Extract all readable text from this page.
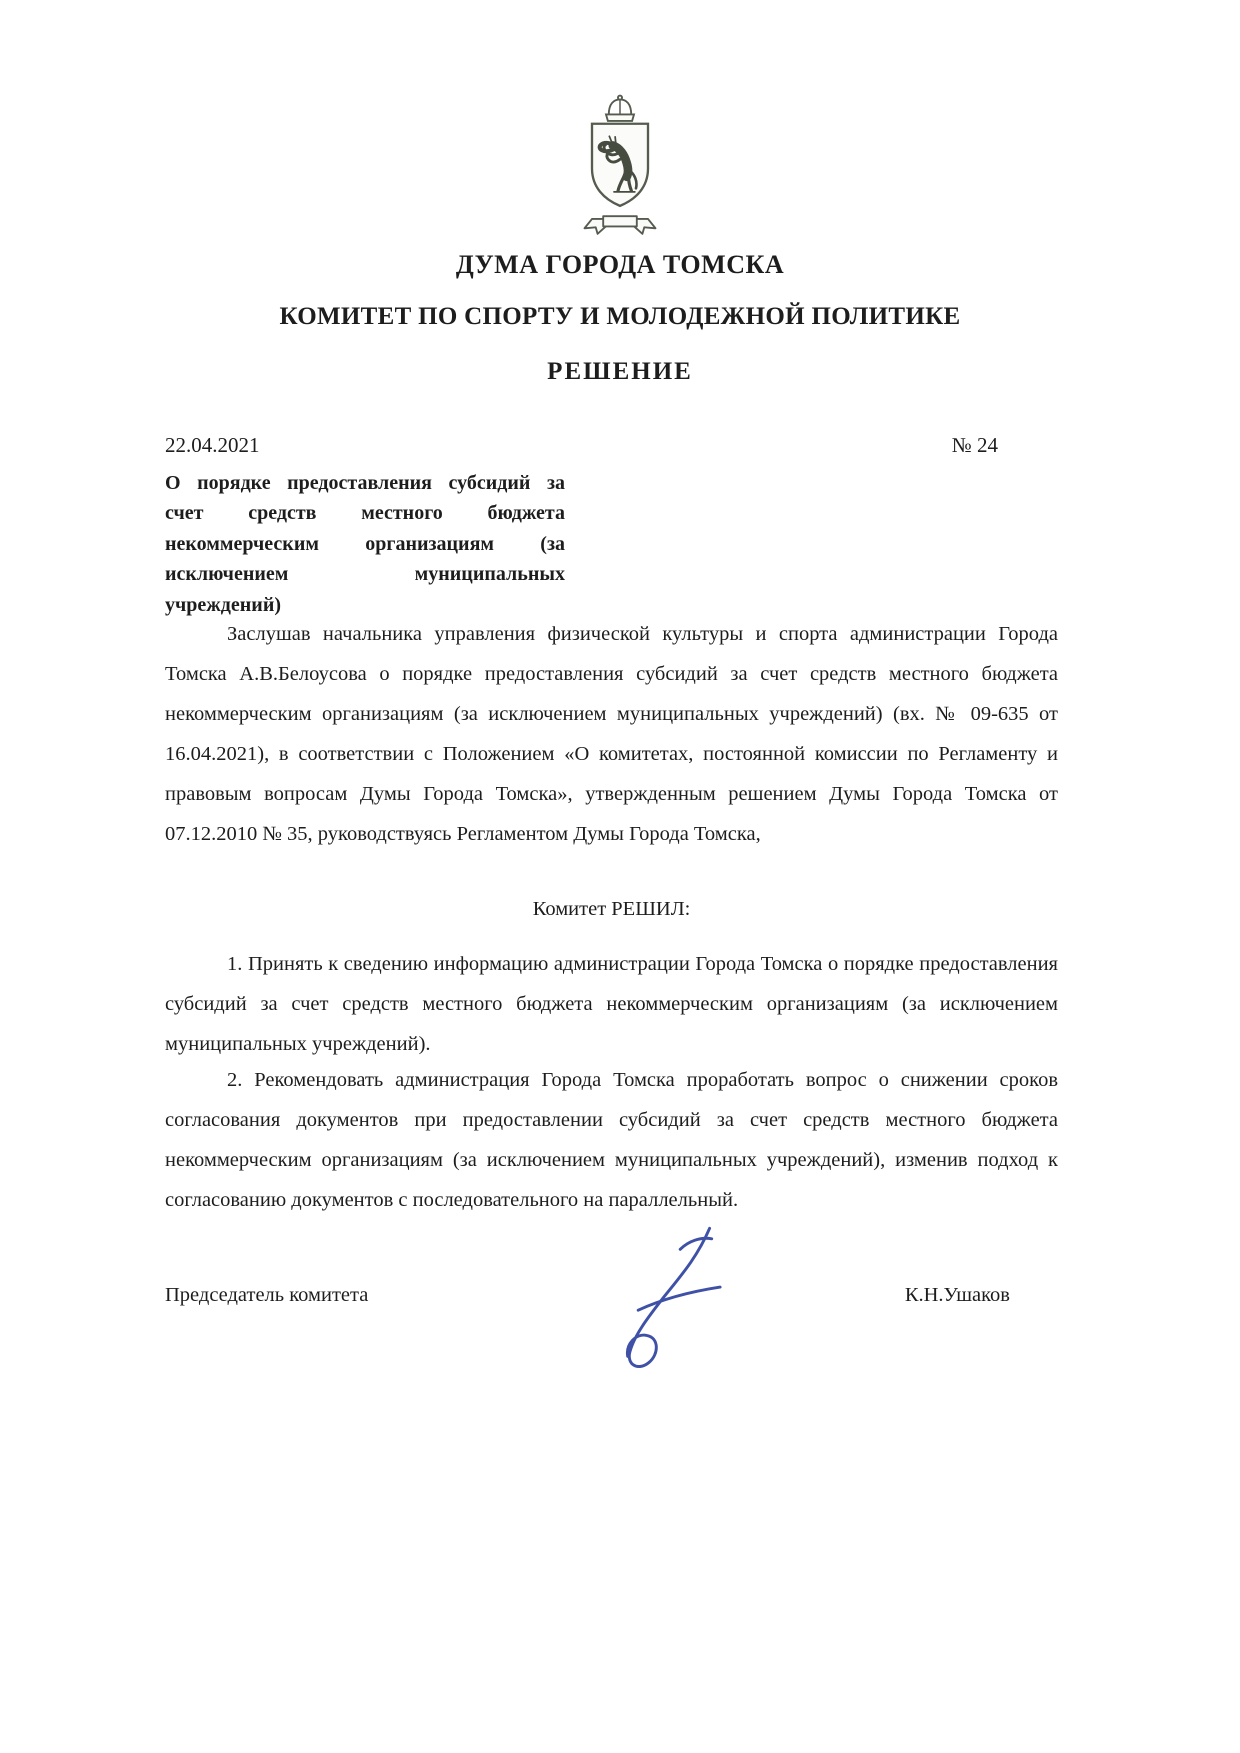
ДУМА ГОРОДА ТОМСКА
КОМИТЕТ ПО СПОРТУ И МОЛОДЕЖНОЙ ПОЛИТИКЕ
РЕШЕНИЕ
22.04.2021	№ 24
О порядке предоставления субсидий за счет средств местного бюджета некоммерческим организациям (за исключением муниципальных учреждений)
Заслушав начальника управления физической культуры и спорта администрации Города Томска А.В.Белоусова о порядке предоставления субсидий за счет средств местного бюджета некоммерческим организациям (за исключением муниципальных учреждений) (вх. № 09-635 от 16.04.2021), в соответствии с Положением «О комитетах, постоянной комиссии по Регламенту и правовым вопросам Думы Города Томска», утвержденным решением Думы Города Томска от 07.12.2010 № 35, руководствуясь Регламентом Думы Города Томска,
Комитет РЕШИЛ:
1. Принять к сведению информацию администрации Города Томска о порядке предоставления субсидий за счет средств местного бюджета некоммерческим организациям (за исключением муниципальных учреждений).
2. Рекомендовать администрация Города Томска проработать вопрос о снижении сроков согласования документов при предоставлении субсидий за счет средств местного бюджета некоммерческим организациям (за исключением муниципальных учреждений), изменив подход к согласованию документов с последовательного на параллельный.
Председатель комитета	К.Н.Ушаков
